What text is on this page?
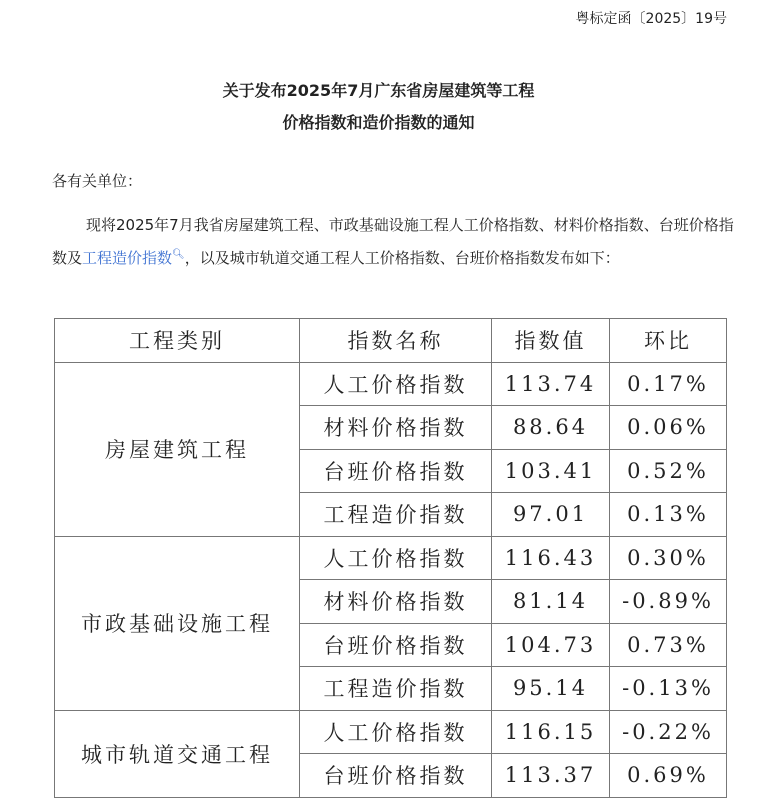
粤标定函〔2025〕19号
关于发布2025年7月广东省房屋建筑等工程
价格指数和造价指数的通知
各有关单位：
现将2025年7月我省房屋建筑工程、市政基础设施工程人工价格指数、材料价格指数、台班价格指数及工程造价指数🔍︎，以及城市轨道交通工程人工价格指数、台班价格指数发布如下：
工程类别	指数名称	指数值	环比
房屋建筑工程	人工价格指数	113.74	0.17%
	材料价格指数	88.64	0.06%
	台班价格指数	103.41	0.52%
	工程造价指数	97.01	0.13%
市政基础设施工程	人工价格指数	116.43	0.30%
	材料价格指数	81.14	-0.89%
	台班价格指数	104.73	0.73%
	工程造价指数	95.14	-0.13%
城市轨道交通工程	人工价格指数	116.15	-0.22%
	台班价格指数	113.37	0.69%
